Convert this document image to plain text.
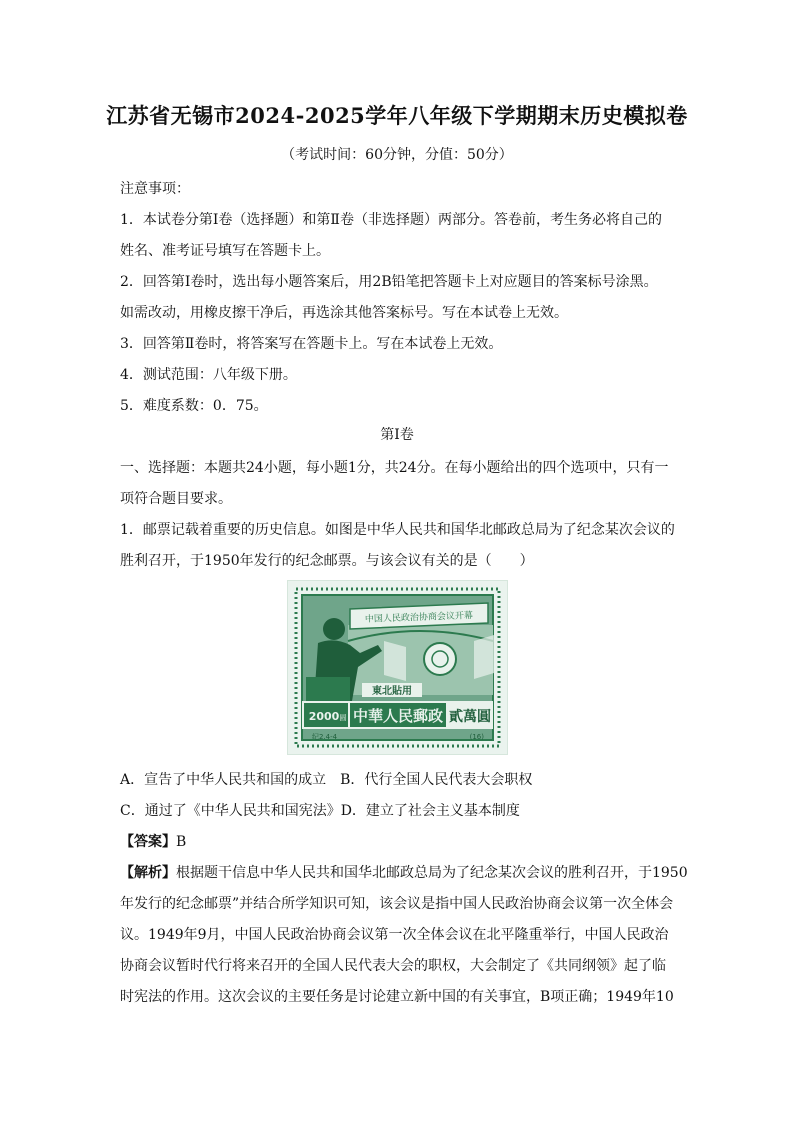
江苏省无锡市2024-2025学年八年级下学期期末历史模拟卷
（考试时间：60分钟，分值：50分）
注意事项：
1．本试卷分第Ⅰ卷（选择题）和第Ⅱ卷（非选择题）两部分。答卷前，考生务必将自己的
姓名、准考证号填写在答题卡上。
2．回答第Ⅰ卷时，选出每小题答案后，用2B铅笔把答题卡上对应题目的答案标号涂黑。
如需改动，用橡皮擦干净后，再选涂其他答案标号。写在本试卷上无效。
3．回答第Ⅱ卷时，将答案写在答题卡上。写在本试卷上无效。
4．测试范围：八年级下册。
5．难度系数：0．75。
第Ⅰ卷
一、选择题：本题共24小题，每小题1分，共24分。在每小题给出的四个选项中，只有一
项符合题目要求。
1．邮票记载着重要的历史信息。如图是中华人民共和国华北邮政总局为了纪念某次会议的
胜利召开，于1950年发行的纪念邮票。与该会议有关的是（　　）
中国人民政治协商会议开幕
東北貼用
2000 圆 中華人民郵政 貳萬圓
纪2.4-4	(16)
A．宣告了中华人民共和国的成立　B．代行全国人民代表大会职权
C．通过了《中华人民共和国宪法》D．建立了社会主义基本制度
【答案】B
【解析】根据题干信息中华人民共和国华北邮政总局为了纪念某次会议的胜利召开，于1950
年发行的纪念邮票”并结合所学知识可知，该会议是指中国人民政治协商会议第一次全体会
议。1949年9月，中国人民政治协商会议第一次全体会议在北平隆重举行，中国人民政治
协商会议暂时代行将来召开的全国人民代表大会的职权，大会制定了《共同纲领》起了临
时宪法的作用。这次会议的主要任务是讨论建立新中国的有关事宜，B项正确；1949年10
